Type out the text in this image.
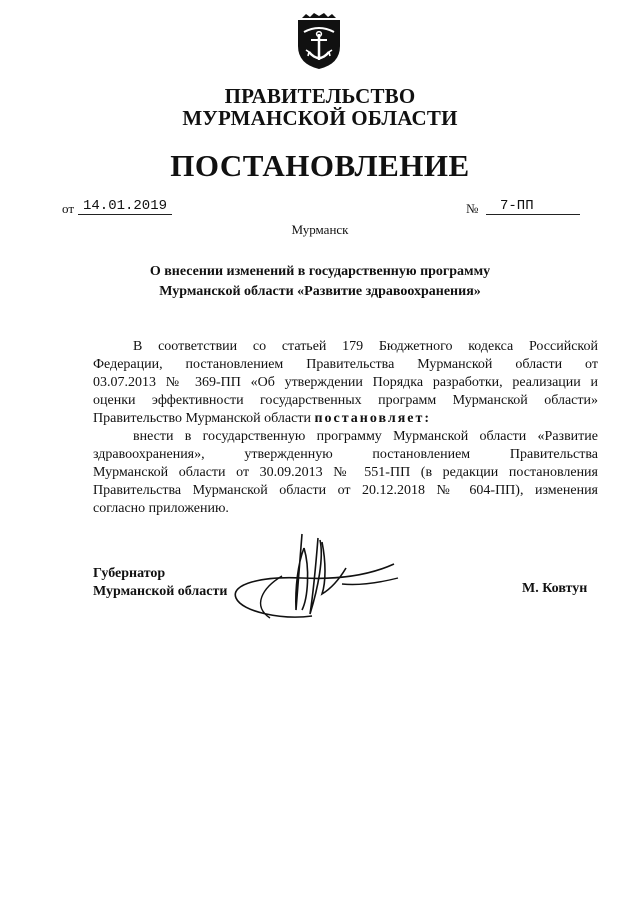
ПРАВИТЕЛЬСТВО
МУРМАНСКОЙ ОБЛАСТИ
ПОСТАНОВЛЕНИЕ
от 14.01.2019	№	7-ПП
Мурманск
О внесении изменений в государственную программу
Мурманской области «Развитие здравоохранения»
В соответствии со статьей 179 Бюджетного кодекса Российской
Федерации, постановлением Правительства Мурманской области от
03.07.2013 № 369-ПП «Об утверждении Порядка разработки, реализации и
оценки эффективности государственных программ Мурманской области»
Правительство Мурманской области постановляет:
внести в государственную программу Мурманской области «Развитие
здравоохранения», утвержденную постановлением Правительства
Мурманской области от 30.09.2013 № 551-ПП (в редакции постановления
Правительства Мурманской области от 20.12.2018 № 604-ПП), изменения
согласно приложению.
Губернатор
Мурманской области	М. Ковтун
